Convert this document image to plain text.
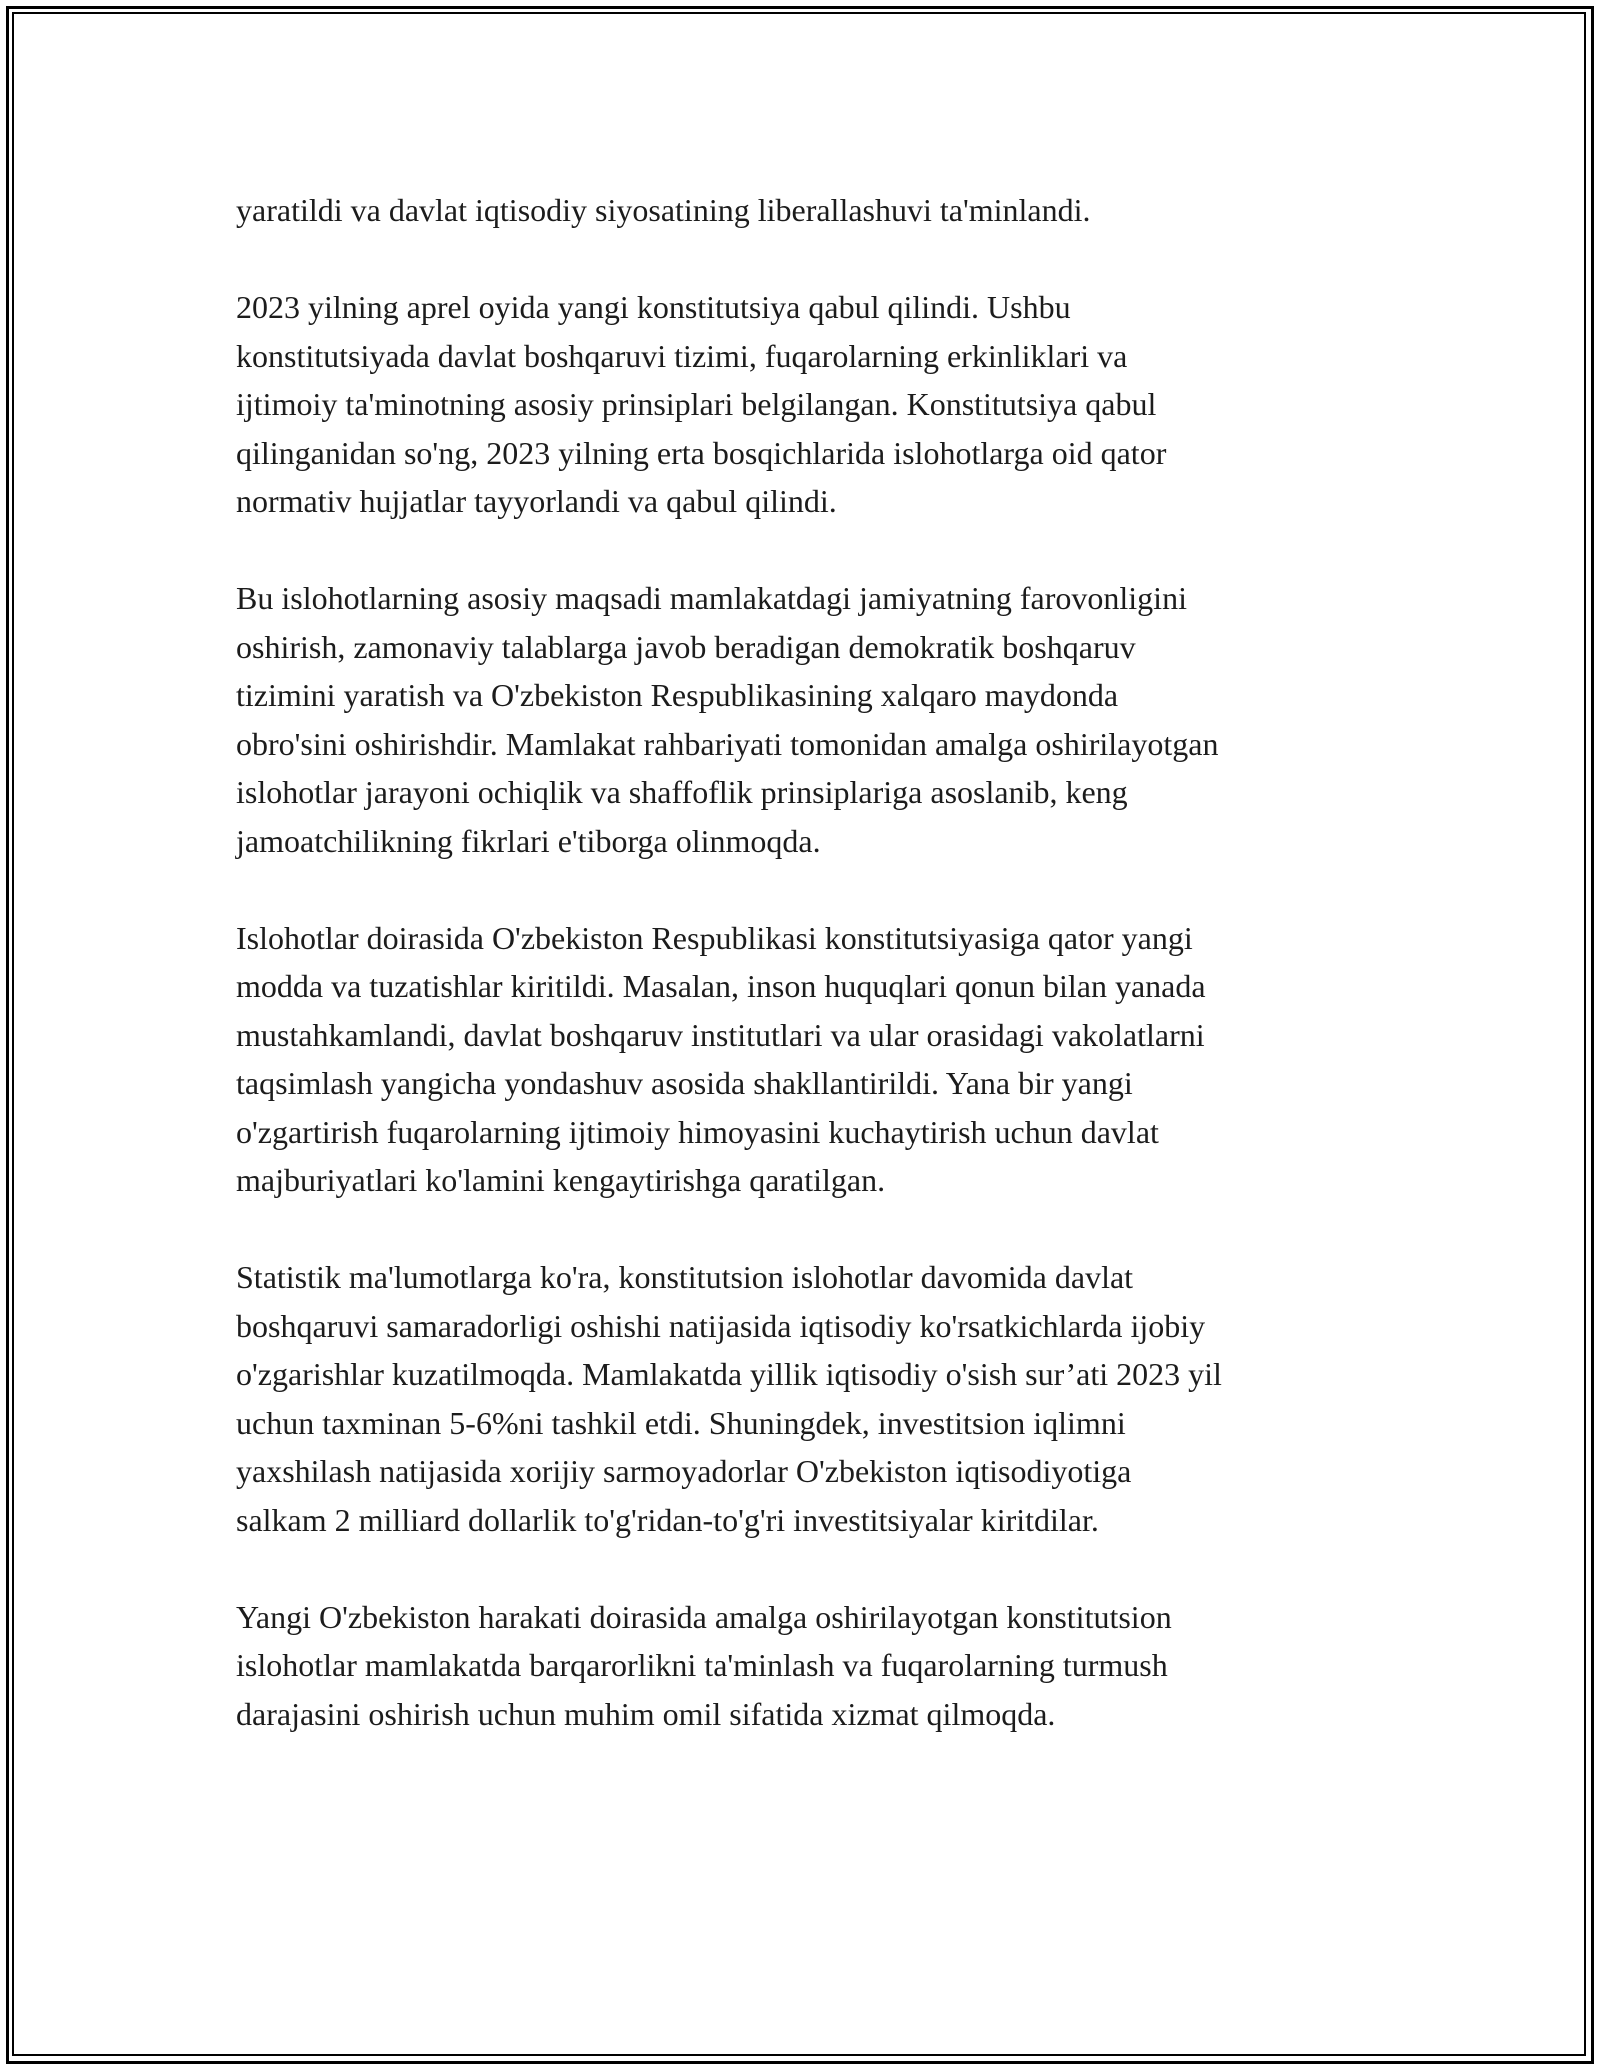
yaratildi va davlat iqtisodiy siyosatining liberallashuvi ta'minlandi.
2023 yilning aprel oyida yangi konstitutsiya qabul qilindi. Ushbu
konstitutsiyada davlat boshqaruvi tizimi, fuqarolarning erkinliklari va
ijtimoiy ta'minotning asosiy prinsiplari belgilangan. Konstitutsiya qabul
qilinganidan so'ng, 2023 yilning erta bosqichlarida islohotlarga oid qator
normativ hujjatlar tayyorlandi va qabul qilindi.
Bu islohotlarning asosiy maqsadi mamlakatdagi jamiyatning farovonligini
oshirish, zamonaviy talablarga javob beradigan demokratik boshqaruv
tizimini yaratish va O'zbekiston Respublikasining xalqaro maydonda
obro'sini oshirishdir. Mamlakat rahbariyati tomonidan amalga oshirilayotgan
islohotlar jarayoni ochiqlik va shaffoflik prinsiplariga asoslanib, keng
jamoatchilikning fikrlari e'tiborga olinmoqda.
Islohotlar doirasida O'zbekiston Respublikasi konstitutsiyasiga qator yangi
modda va tuzatishlar kiritildi. Masalan, inson huquqlari qonun bilan yanada
mustahkamlandi, davlat boshqaruv institutlari va ular orasidagi vakolatlarni
taqsimlash yangicha yondashuv asosida shakllantirildi. Yana bir yangi
o'zgartirish fuqarolarning ijtimoiy himoyasini kuchaytirish uchun davlat
majburiyatlari ko'lamini kengaytirishga qaratilgan.
Statistik ma'lumotlarga ko'ra, konstitutsion islohotlar davomida davlat
boshqaruvi samaradorligi oshishi natijasida iqtisodiy ko'rsatkichlarda ijobiy
o'zgarishlar kuzatilmoqda. Mamlakatda yillik iqtisodiy o'sish sur’ati 2023 yil
uchun taxminan 5-6%ni tashkil etdi. Shuningdek, investitsion iqlimni
yaxshilash natijasida xorijiy sarmoyadorlar O'zbekiston iqtisodiyotiga
salkam 2 milliard dollarlik to'g'ridan-to'g'ri investitsiyalar kiritdilar.
Yangi O'zbekiston harakati doirasida amalga oshirilayotgan konstitutsion
islohotlar mamlakatda barqarorlikni ta'minlash va fuqarolarning turmush
darajasini oshirish uchun muhim omil sifatida xizmat qilmoqda.
